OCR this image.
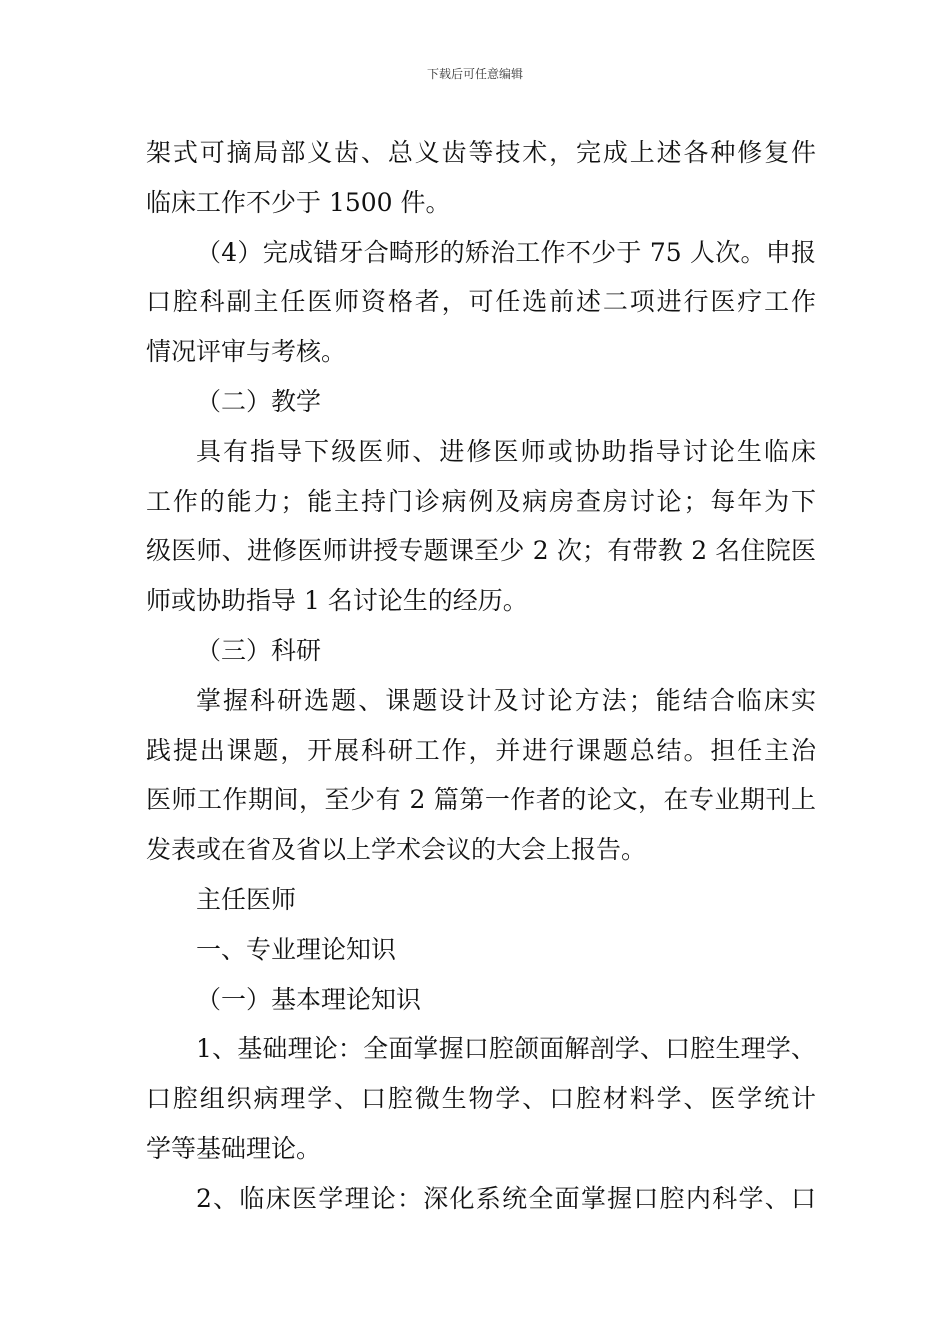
下载后可任意编辑
架式可摘局部义齿、总义齿等技术，完成上述各种修复件
临床工作不少于 1500 件。
（4）完成错牙合畸形的矫治工作不少于 75 人次。申报
口腔科副主任医师资格者，可任选前述二项进行医疗工作
情况评审与考核。
（二）教学
具有指导下级医师、进修医师或协助指导讨论生临床
工作的能力；能主持门诊病例及病房查房讨论；每年为下
级医师、进修医师讲授专题课至少 2 次；有带教 2 名住院医
师或协助指导 1 名讨论生的经历。
（三）科研
掌握科研选题、课题设计及讨论方法；能结合临床实
践提出课题，开展科研工作，并进行课题总结。担任主治
医师工作期间，至少有 2 篇第一作者的论文，在专业期刊上
发表或在省及省以上学术会议的大会上报告。
主任医师
一、专业理论知识
（一）基本理论知识
1、基础理论：全面掌握口腔颌面解剖学、口腔生理学、
口腔组织病理学、口腔微生物学、口腔材料学、医学统计
学等基础理论。
2、临床医学理论：深化系统全面掌握口腔内科学、口
